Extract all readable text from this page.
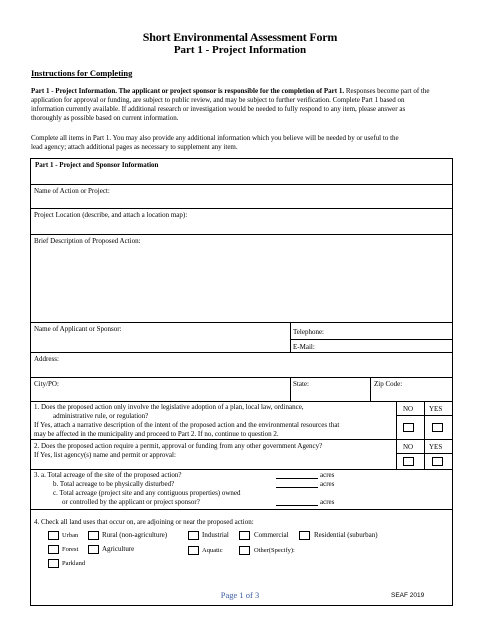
Short Environmental Assessment Form
Part 1 - Project Information
Instructions for Completing
Part 1 - Project Information. The applicant or project sponsor is responsible for the completion of Part 1. Responses become part of the
application for approval or funding, are subject to public review, and may be subject to further verification. Complete Part 1 based on
information currently available. If additional research or investigation would be needed to fully respond to any item, please answer as
thoroughly as possible based on current information.
Complete all items in Part 1. You may also provide any additional information which you believe will be needed by or useful to the
lead agency; attach additional pages as necessary to supplement any item.
Part 1 - Project and Sponsor Information
Name of Action or Project:
Project Location (describe, and attach a location map):
Brief Description of Proposed Action:
Name of Applicant or Sponsor:	Telephone:
E-Mail:
Address:
City/PO:	State:	Zip Code:
1. Does the proposed action only involve the legislative adoption of a plan, local law, ordinance,
administrative rule, or regulation?
If Yes, attach a narrative description of the intent of the proposed action and the environmental resources that
may be affected in the municipality and proceed to Part 2. If no, continue to question 2.
NO YES
2. Does the proposed action require a permit, approval or funding from any other government Agency?
If Yes, list agency(s) name and permit or approval:
NO YES
3. a. Total acreage of the site of the proposed action?
b. Total acreage to be physically disturbed?
c. Total acreage (project site and any contiguous properties) owned
or controlled by the applicant or project sponsor?
acres
acres
acres
4. Check all land uses that occur on, are adjoining or near the proposed action:
Urban	Rural (non-agriculture)	Industrial	Commercial	Residential (suburban)
Forest	Agriculture	Aquatic	Other(Specify):
Parkland
Page 1 of 3	SEAF 2019
